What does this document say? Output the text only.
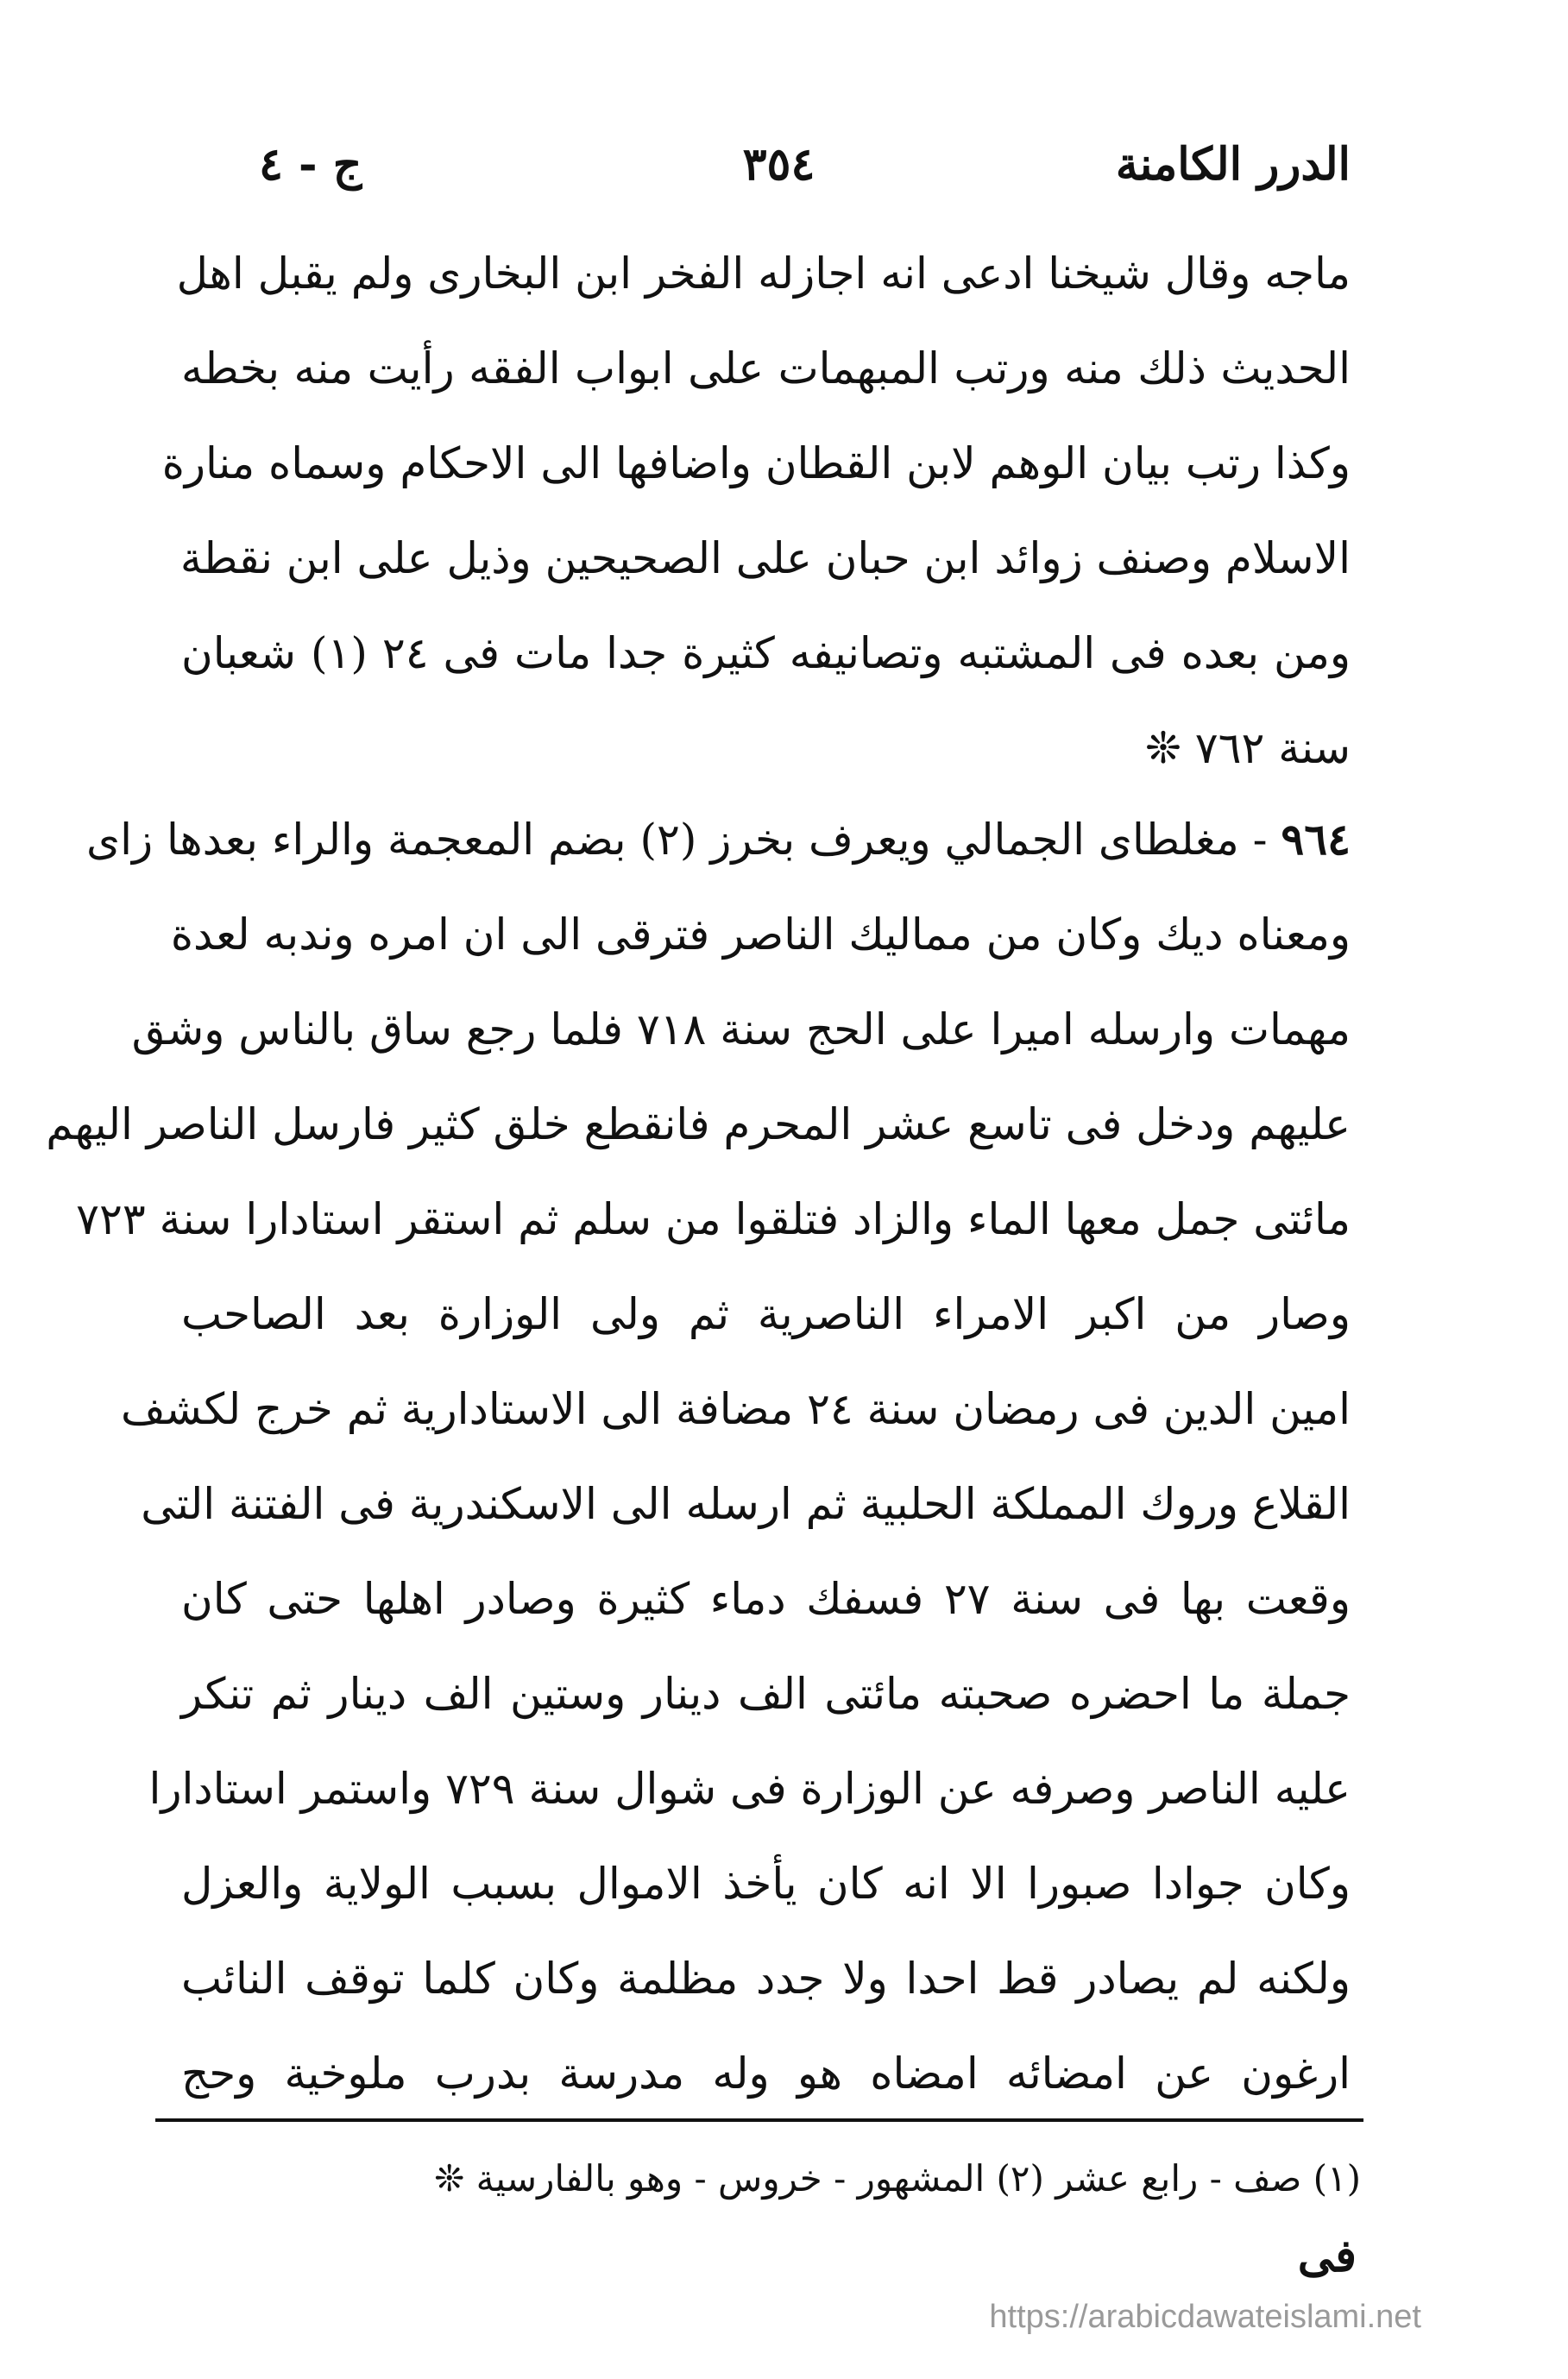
الدرر الكامنة
٣٥٤
ج - ٤
ماجه وقال شيخنا ادعى انه اجازله الفخر ابن البخارى ولم يقبل اهل
الحديث ذلك منه ورتب المبهمات على ابواب الفقه رأيت منه بخطه
وكذا رتب بيان الوهم لابن القطان واضافها الى الاحكام وسماه منارة
الاسلام وصنف زوائد ابن حبان على الصحيحين وذيل على ابن نقطة
ومن بعده فى المشتبه وتصانيفه كثيرة جدا مات فى ٢٤ (١) شعبان
سنة ٧٦٢ ❊
٩٦٤ - مغلطاى الجمالي ويعرف بخرز (٢) بضم المعجمة والراء بعدها زاى
ومعناه ديك وكان من مماليك الناصر فترقى الى ان امره وندبه لعدة
مهمات وارسله اميرا على الحج سنة ٧١٨ فلما رجع ساق بالناس وشق
عليهم ودخل فى تاسع عشر المحرم فانقطع خلق كثير فارسل الناصر اليهم
مائتى جمل معها الماء والزاد فتلقوا من سلم ثم استقر استادارا سنة ٧٢٣
وصار من اكبر الامراء الناصرية ثم ولى الوزارة بعد الصاحب
امين الدين فى رمضان سنة ٢٤ مضافة الى الاستادارية ثم خرج لكشف
القلاع وروك المملكة الحلبية ثم ارسله الى الاسكندرية فى الفتنة التى
وقعت بها فى سنة ٢٧ فسفك دماء كثيرة وصادر اهلها حتى كان
جملة ما احضره صحبته مائتى الف دينار وستين الف دينار ثم تنكر
عليه الناصر وصرفه عن الوزارة فى شوال سنة ٧٢٩ واستمر استادارا
وكان جوادا صبورا الا انه كان يأخذ الاموال بسبب الولاية والعزل
ولكنه لم يصادر قط احدا ولا جدد مظلمة وكان كلما توقف النائب
ارغون عن امضائه امضاه هو وله مدرسة بدرب ملوخية وحج
(١) صف - رابع عشر (٢) المشهور - خروس - وهو بالفارسية ❊
فى
https://arabicdawateislami.net
